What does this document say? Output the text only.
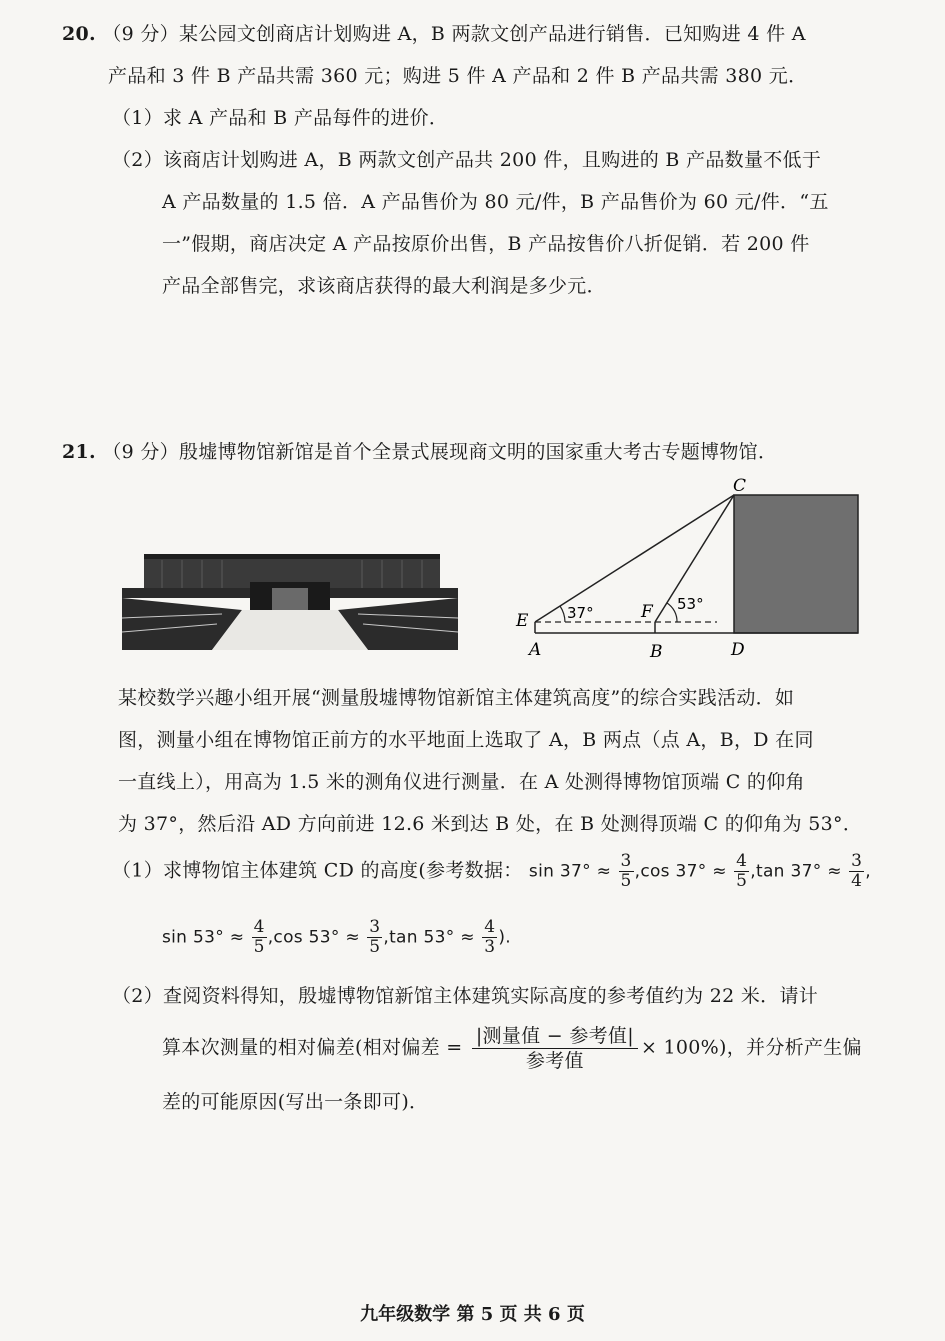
20. （9 分）某公园文创商店计划购进 A，B 两款文创产品进行销售．已知购进 4 件 A
产品和 3 件 B 产品共需 360 元；购进 5 件 A 产品和 2 件 B 产品共需 380 元．
（1）求 A 产品和 B 产品每件的进价．
（2）该商店计划购进 A，B 两款文创产品共 200 件，且购进的 B 产品数量不低于
A 产品数量的 1.5 倍．A 产品售价为 80 元/件，B 产品售价为 60 元/件．“五
一”假期，商店决定 A 产品按原价出售，B 产品按售价八折促销．若 200 件
产品全部售完，求该商店获得的最大利润是多少元．
21. （9 分）殷墟博物馆新馆是首个全景式展现商文明的国家重大考古专题博物馆．
C
E	F
A	B	D
37°	53°
某校数学兴趣小组开展“测量殷墟博物馆新馆主体建筑高度”的综合实践活动．如
图，测量小组在博物馆正前方的水平地面上选取了 A，B 两点（点 A，B，D 在同
一直线上），用高为 1.5 米的测角仪进行测量．在 A 处测得博物馆顶端 C 的仰角
为 37°，然后沿 AD 方向前进 12.6 米到达 B 处，在 B 处测得顶端 C 的仰角为 53°．
（1）求博物馆主体建筑 CD 的高度(参考数据： $\sin 37^\circ \approx \frac{3}{5} ,\cos$ $37^\circ \approx \frac{4}{5} ,\tan$ $37^\circ \approx \frac{3}{4}$ ,
$\sin 53^\circ \approx \frac{4}{5} ,\cos$ $53^\circ \approx \frac{3}{5} ,\tan$ $53^\circ \approx \frac{4}{3}$ ).
（2）查阅资料得知，殷墟博物馆新馆主体建筑实际高度的参考值约为 22 米．请计
算本次测量的相对偏差(相对偏差 = $\frac{\text{|测量值 − 参考值|}}{\text{参考值}} \times 100\%$)，并分析产生偏
差的可能原因(写出一条即可)．
九年级数学 第 5 页 共 6 页
